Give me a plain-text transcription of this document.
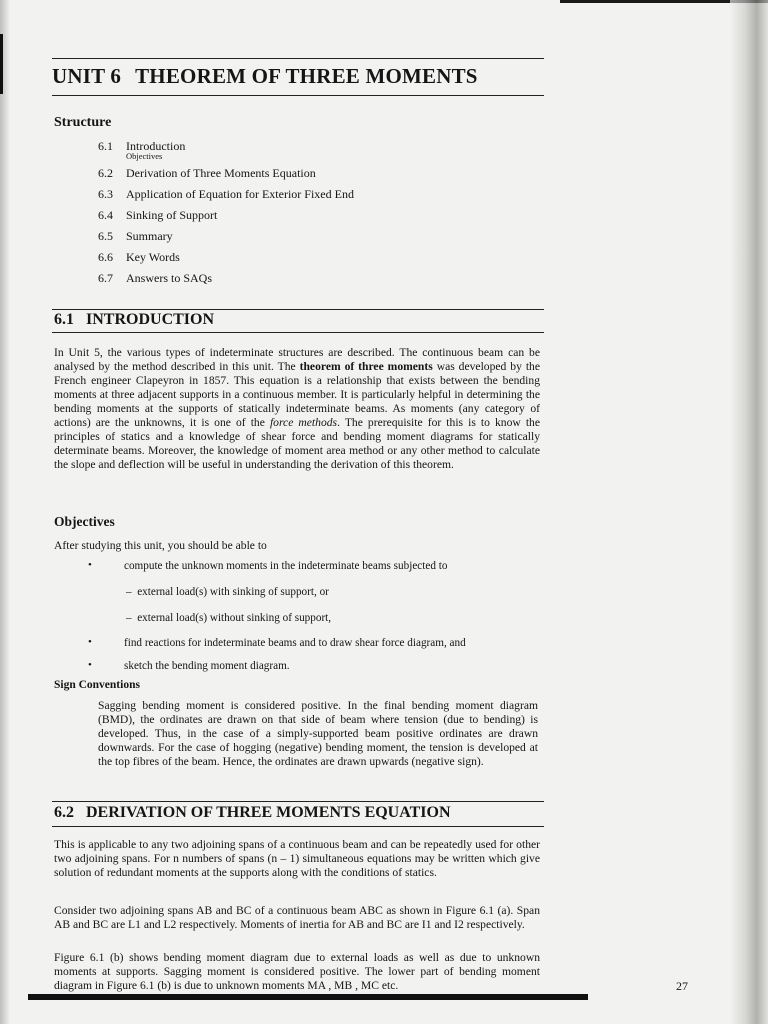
UNIT 6 THEOREM OF THREE MOMENTS
Structure
6.1 Introduction
Objectives
6.2 Derivation of Three Moments Equation
6.3 Application of Equation for Exterior Fixed End
6.4 Sinking of Support
6.5 Summary
6.6 Key Words
6.7 Answers to SAQs
6.1 INTRODUCTION
In Unit 5, the various types of indeterminate structures are described. The continuous beam can be analysed by the method described in this unit. The theorem of three moments was developed by the French engineer Clapeyron in 1857. This equation is a relationship that exists between the bending moments at three adjacent supports in a continuous member. It is particularly helpful in determining the bending moments at the supports of statically indeterminate beams. As moments (any category of actions) are the unknowns, it is one of the force methods. The prerequisite for this is to know the principles of statics and a knowledge of shear force and bending moment diagrams for statically determinate beams. Moreover, the knowledge of moment area method or any other method to calculate the slope and deflection will be useful in understanding the derivation of this theorem.
Objectives
After studying this unit, you should be able to
•	compute the unknown moments in the indeterminate beams subjected to
–  external load(s) with sinking of support, or
–  external load(s) without sinking of support,
•	find reactions for indeterminate beams and to draw shear force diagram, and
•	sketch the bending moment diagram.
Sign Conventions
Sagging bending moment is considered positive. In the final bending moment diagram (BMD), the ordinates are drawn on that side of beam where tension (due to bending) is developed. Thus, in the case of a simply-supported beam positive ordinates are drawn downwards. For the case of hogging (negative) bending moment, the tension is developed at the top fibres of the beam. Hence, the ordinates are drawn upwards (negative sign).
6.2 DERIVATION OF THREE MOMENTS EQUATION
This is applicable to any two adjoining spans of a continuous beam and can be repeatedly used for other two adjoining spans. For n numbers of spans (n – 1) simultaneous equations may be written which give solution of redundant moments at the supports along with the conditions of statics.
Consider two adjoining spans AB and BC of a continuous beam ABC as shown in Figure 6.1 (a). Span AB and BC are L1 and L2 respectively. Moments of inertia for AB and BC are I1 and I2 respectively.
Figure 6.1 (b) shows bending moment diagram due to external loads as well as due to unknown moments at supports. Sagging moment is considered positive. The lower part of bending moment diagram in Figure 6.1 (b) is due to unknown moments MA , MB , MC etc.	27
